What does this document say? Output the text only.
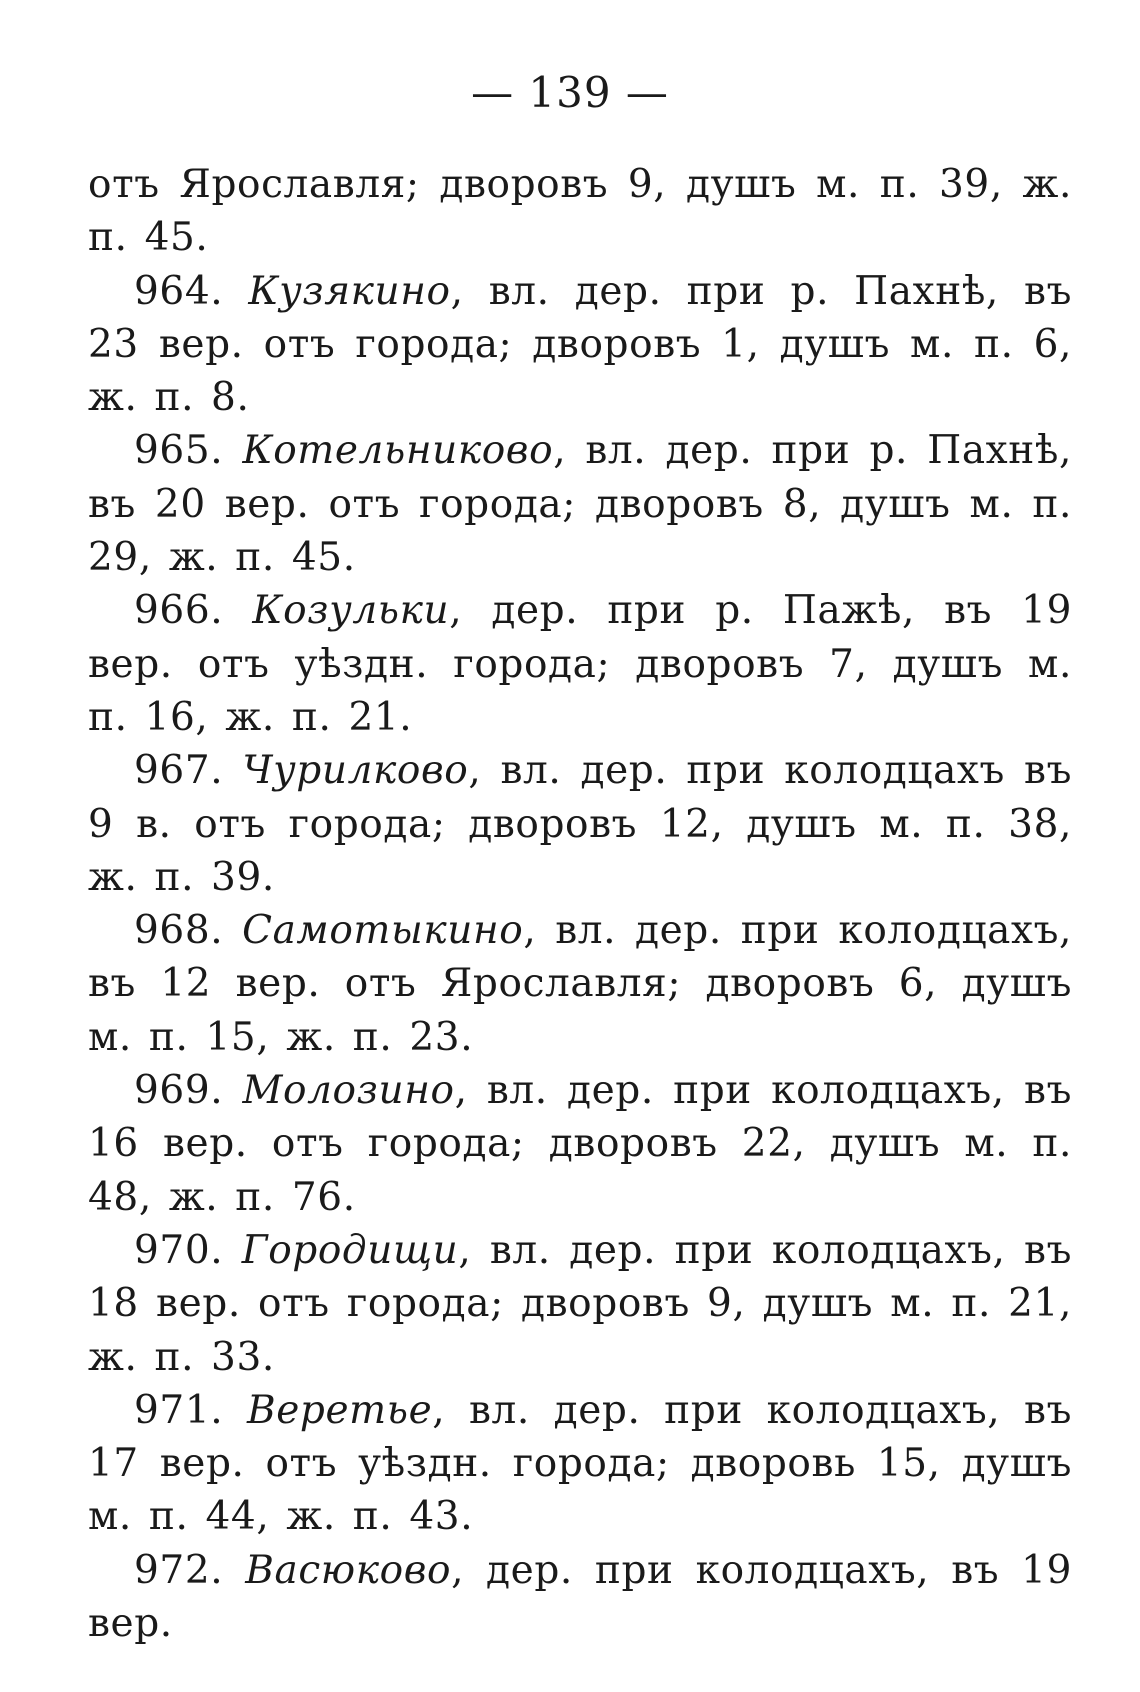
— 139 —

отъ Ярославля; дворовъ 9, душъ м. п. 39, ж. п. 45.

964. Кузякино, вл. дер. при р. Пахнѣ, въ 23 вер. отъ города; дворовъ 1, душъ м. п. 6, ж. п. 8.

965. Котельниково, вл. дер. при р. Пахнѣ, въ 20 вер. отъ города; дворовъ 8, душъ м. п. 29, ж. п. 45.

966. Козульки, дер. при р. Пажѣ, въ 19 вер. отъ уѣздн. города; дворовъ 7, душъ м. п. 16, ж. п. 21.

967. Чурилково, вл. дер. при колодцахъ въ 9 в. отъ города; дворовъ 12, душъ м. п. 38, ж. п. 39.

968. Самотыкино, вл. дер. при колодцахъ, въ 12 вер. отъ Ярославля; дворовъ 6, душъ м. п. 15, ж. п. 23.

969. Молозино, вл. дер. при колодцахъ, въ 16 вер. отъ города; дворовъ 22, душъ м. п. 48, ж. п. 76.

970. Городищи, вл. дер. при колодцахъ, въ 18 вер. отъ города; дворовъ 9, душъ м. п. 21, ж. п. 33.

971. Веретье, вл. дер. при колодцахъ, въ 17 вер. отъ уѣздн. города; дворовь 15, душъ м. п. 44, ж. п. 43.

972. Васюково, дер. при колодцахъ, въ 19 вер.
